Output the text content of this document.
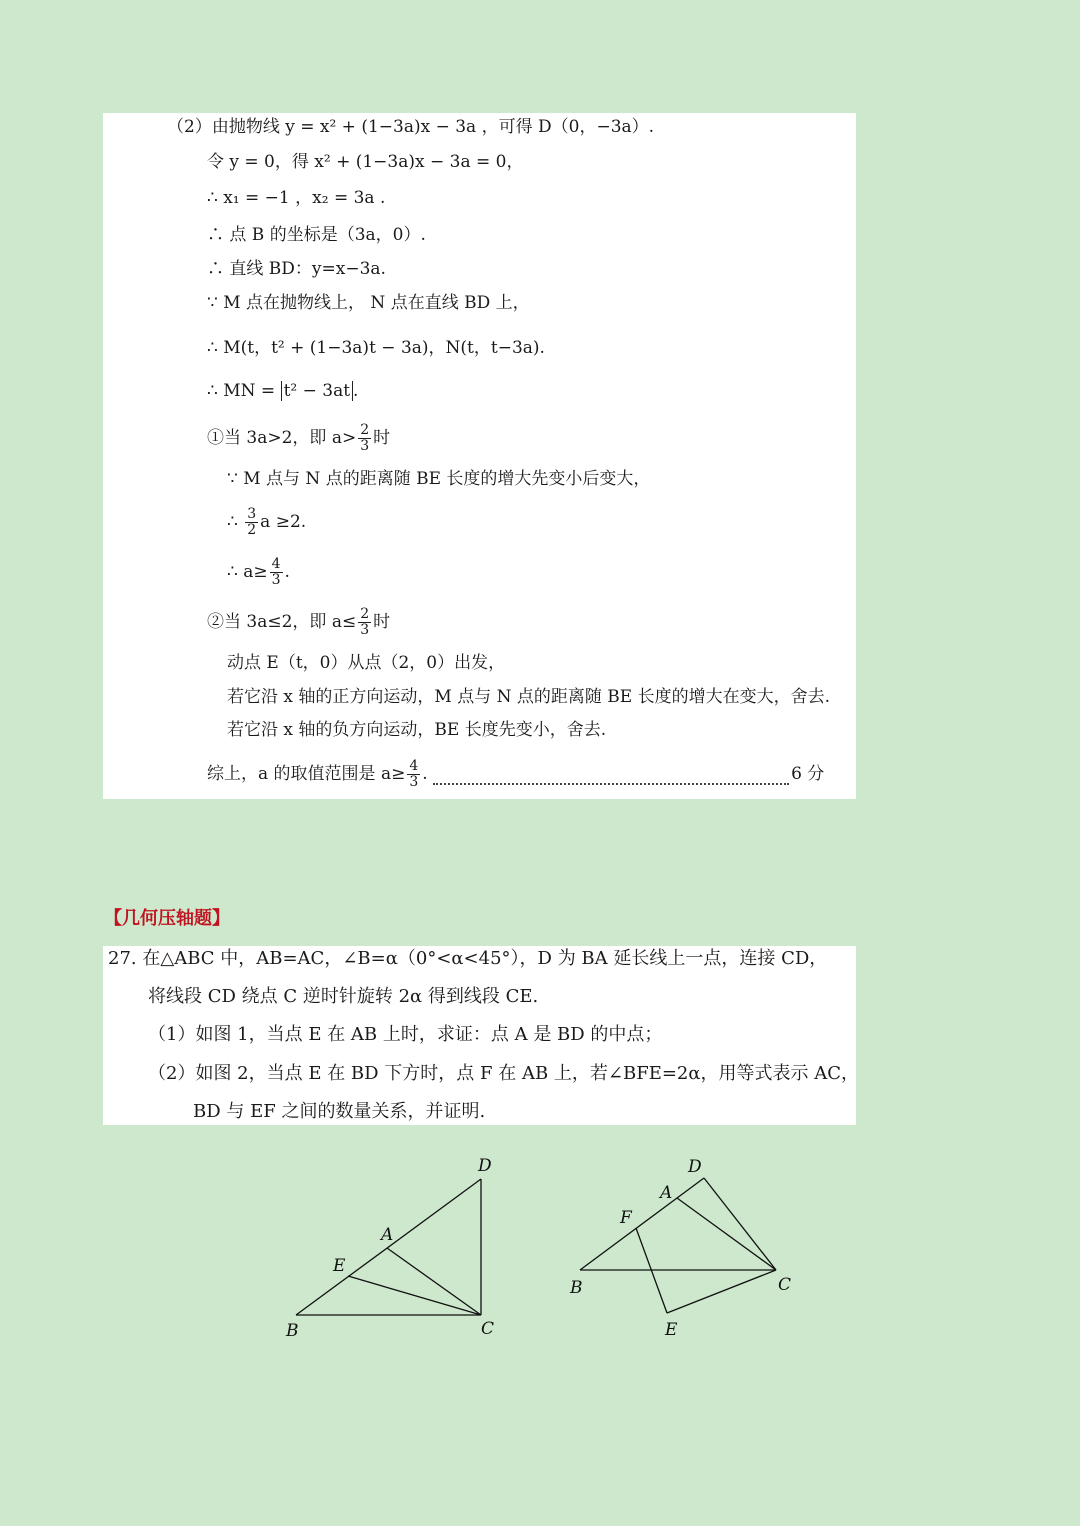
（2）由抛物线 y = x² + (1−3a)x − 3a ，可得 D（0，−3a）.
令 y = 0，得 x² + (1−3a)x − 3a = 0，
∴ x₁ = −1 ，x₂ = 3a .
∴ 点 B 的坐标是（3a，0）.
∴ 直线 BD：y=x−3a.
∵ M 点在抛物线上， N 点在直线 BD 上，
∴ M(t，t² + (1−3a)t − 3a)，N(t，t−3a).
∴ MN = t² − 3at .
①当 3a>2，即 $a> \frac{2}{3}$ 时
∵ M 点与 N 点的距离随 BE 长度的增大先变小后变大，
∴ $\frac{3}{2}$ a ≥2.
∴ $a\ge \frac{4}{3}$ .
②当 3a≤2，即 $a\le \frac{2}{3}$ 时
动点 E（t，0）从点（2，0）出发，
若它沿 x 轴的正方向运动，M 点与 N 点的距离随 BE 长度的增大在变大，舍去.
若它沿 x 轴的负方向运动，BE 长度先变小，舍去.
综上，a 的取值范围是 $a\ge \frac{4}{3}$ .	6 分
【几何压轴题】
27. 在△ABC 中，AB=AC，∠B=α（0°<α<45°），D 为 BA 延长线上一点，连接 CD，
将线段 CD 绕点 C 逆时针旋转 2α 得到线段 CE.
（1）如图 1，当点 E 在 AB 上时，求证：点 A 是 BD 的中点；
（2）如图 2，当点 E 在 BD 下方时，点 F 在 AB 上，若∠BFE=2α，用等式表示 AC，
BD 与 EF 之间的数量关系，并证明.
D
A
E
B	C
D
A
F
B	C
E
